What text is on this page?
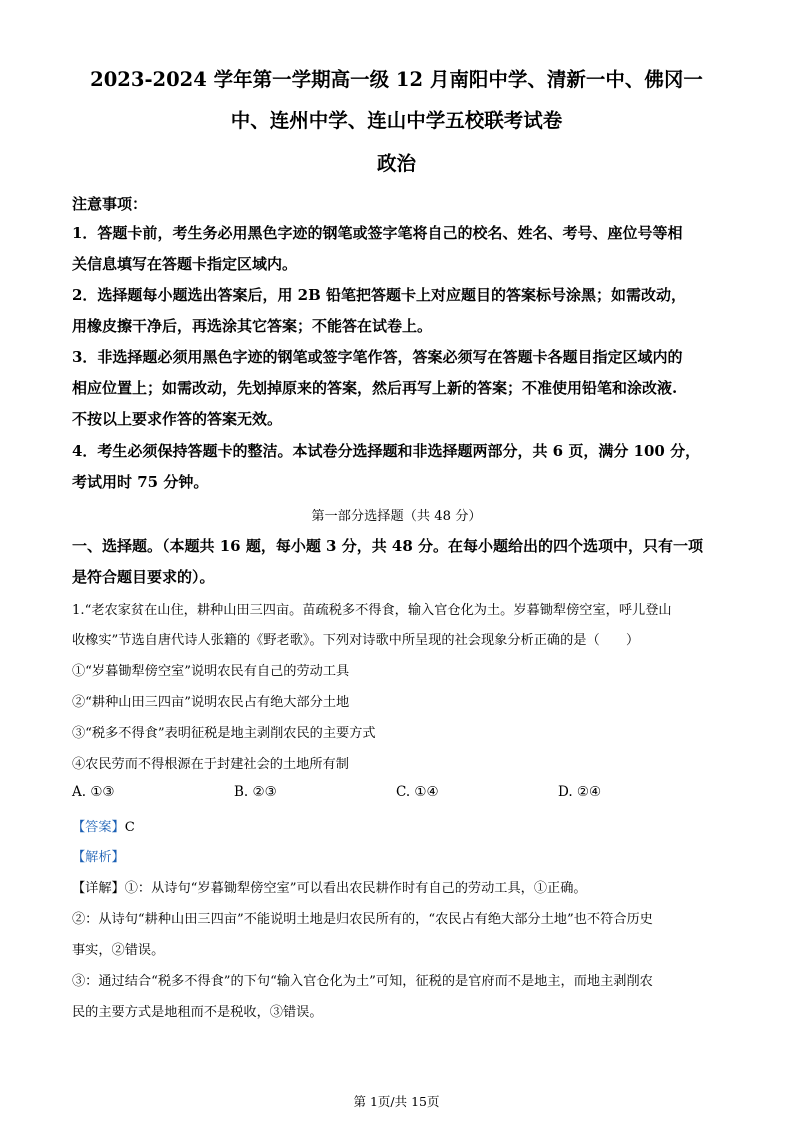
2023-2024 学年第一学期高一级 12 月南阳中学、清新一中、佛冈一
中、连州中学、连山中学五校联考试卷
政治
注意事项：
1．答题卡前，考生务必用黑色字迹的钢笔或签字笔将自己的校名、姓名、考号、座位号等相
关信息填写在答题卡指定区域内。
2．选择题每小题选出答案后，用 2B 铅笔把答题卡上对应题目的答案标号涂黑；如需改动，
用橡皮擦干净后，再选涂其它答案；不能答在试卷上。
3．非选择题必须用黑色字迹的钢笔或签字笔作答，答案必须写在答题卡各题目指定区域内的
相应位置上；如需改动，先划掉原来的答案，然后再写上新的答案；不准使用铅笔和涂改液.
不按以上要求作答的答案无效。
4．考生必须保持答题卡的整洁。本试卷分选择题和非选择题两部分，共 6 页，满分 100 分，
考试用时 75 分钟。
第一部分选择题（共 48 分）
一、选择题。（本题共 16 题，每小题 3 分，共 48 分。在每小题给出的四个选项中，只有一项
是符合题目要求的）。
1.“老农家贫在山住，耕种山田三四亩。苗疏税多不得食，输入官仓化为土。岁暮锄犁傍空室，呼儿登山
收橡实”节选自唐代诗人张籍的《野老歌》。下列对诗歌中所呈现的社会现象分析正确的是（　　）
①“岁暮锄犁傍空室”说明农民有自己的劳动工具
②“耕种山田三四亩”说明农民占有绝大部分土地
③“税多不得食”表明征税是地主剥削农民的主要方式
④农民劳而不得根源在于封建社会的土地所有制
A. ①③	B. ②③	C. ①④	D. ②④
【答案】C
【解析】
【详解】①：从诗句“岁暮锄犁傍空室”可以看出农民耕作时有自己的劳动工具，①正确。
②：从诗句“耕种山田三四亩”不能说明土地是归农民所有的，“农民占有绝大部分土地”也不符合历史
事实，②错误。
③：通过结合“税多不得食”的下句“输入官仓化为土”可知，征税的是官府而不是地主，而地主剥削农
民的主要方式是地租而不是税收，③错误。
第 1页/共 15页
